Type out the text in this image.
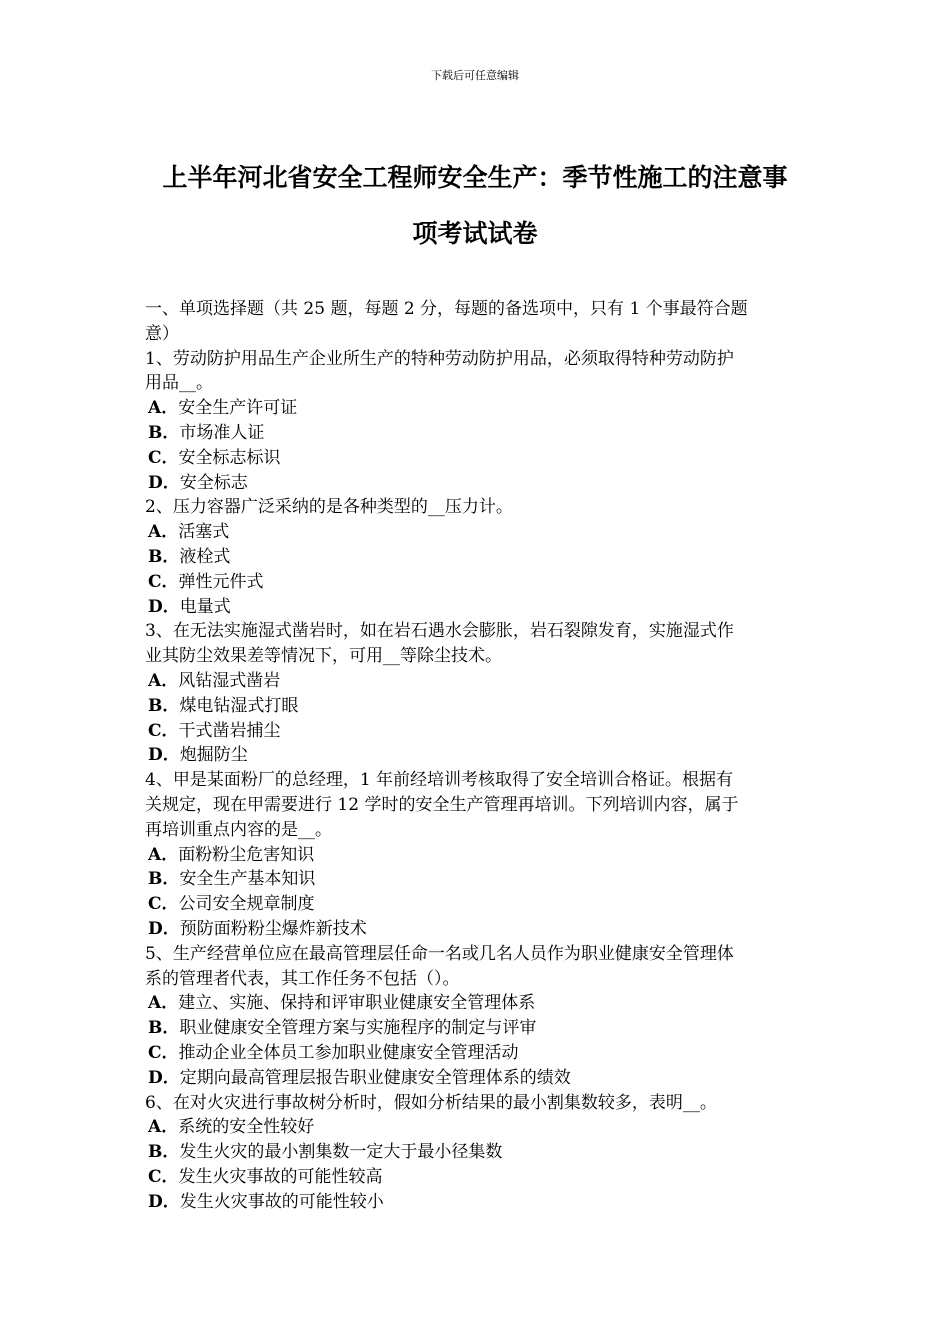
下载后可任意编辑
上半年河北省安全工程师安全生产：季节性施工的注意事
项考试试卷
一、单项选择题（共 25 题，每题 2 分，每题的备选项中，只有 1 个事最符合题
意）
1、劳动防护用品生产企业所生产的特种劳动防护用品，必须取得特种劳动防护
用品__。
A．安全生产许可证
B．市场准人证
C．安全标志标识
D．安全标志
2、压力容器广泛采纳的是各种类型的__压力计。
A．活塞式
B．液栓式
C．弹性元件式
D．电量式
3、在无法实施湿式凿岩时，如在岩石遇水会膨胀，岩石裂隙发育，实施湿式作
业其防尘效果差等情况下，可用__等除尘技术。
A．风钻湿式凿岩
B．煤电钻湿式打眼
C．干式凿岩捕尘
D．炮掘防尘
4、甲是某面粉厂的总经理，1 年前经培训考核取得了安全培训合格证。根据有
关规定，现在甲需要进行 12 学时的安全生产管理再培训。下列培训内容，属于
再培训重点内容的是__。
A．面粉粉尘危害知识
B．安全生产基本知识
C．公司安全规章制度
D．预防面粉粉尘爆炸新技术
5、生产经营单位应在最高管理层任命一名或几名人员作为职业健康安全管理体
系的管理者代表，其工作任务不包括（）。
A．建立、实施、保持和评审职业健康安全管理体系
B．职业健康安全管理方案与实施程序的制定与评审
C．推动企业全体员工参加职业健康安全管理活动
D．定期向最高管理层报告职业健康安全管理体系的绩效
6、在对火灾进行事故树分析时，假如分析结果的最小割集数较多，表明__。
A．系统的安全性较好
B．发生火灾的最小割集数一定大于最小径集数
C．发生火灾事故的可能性较高
D．发生火灾事故的可能性较小
